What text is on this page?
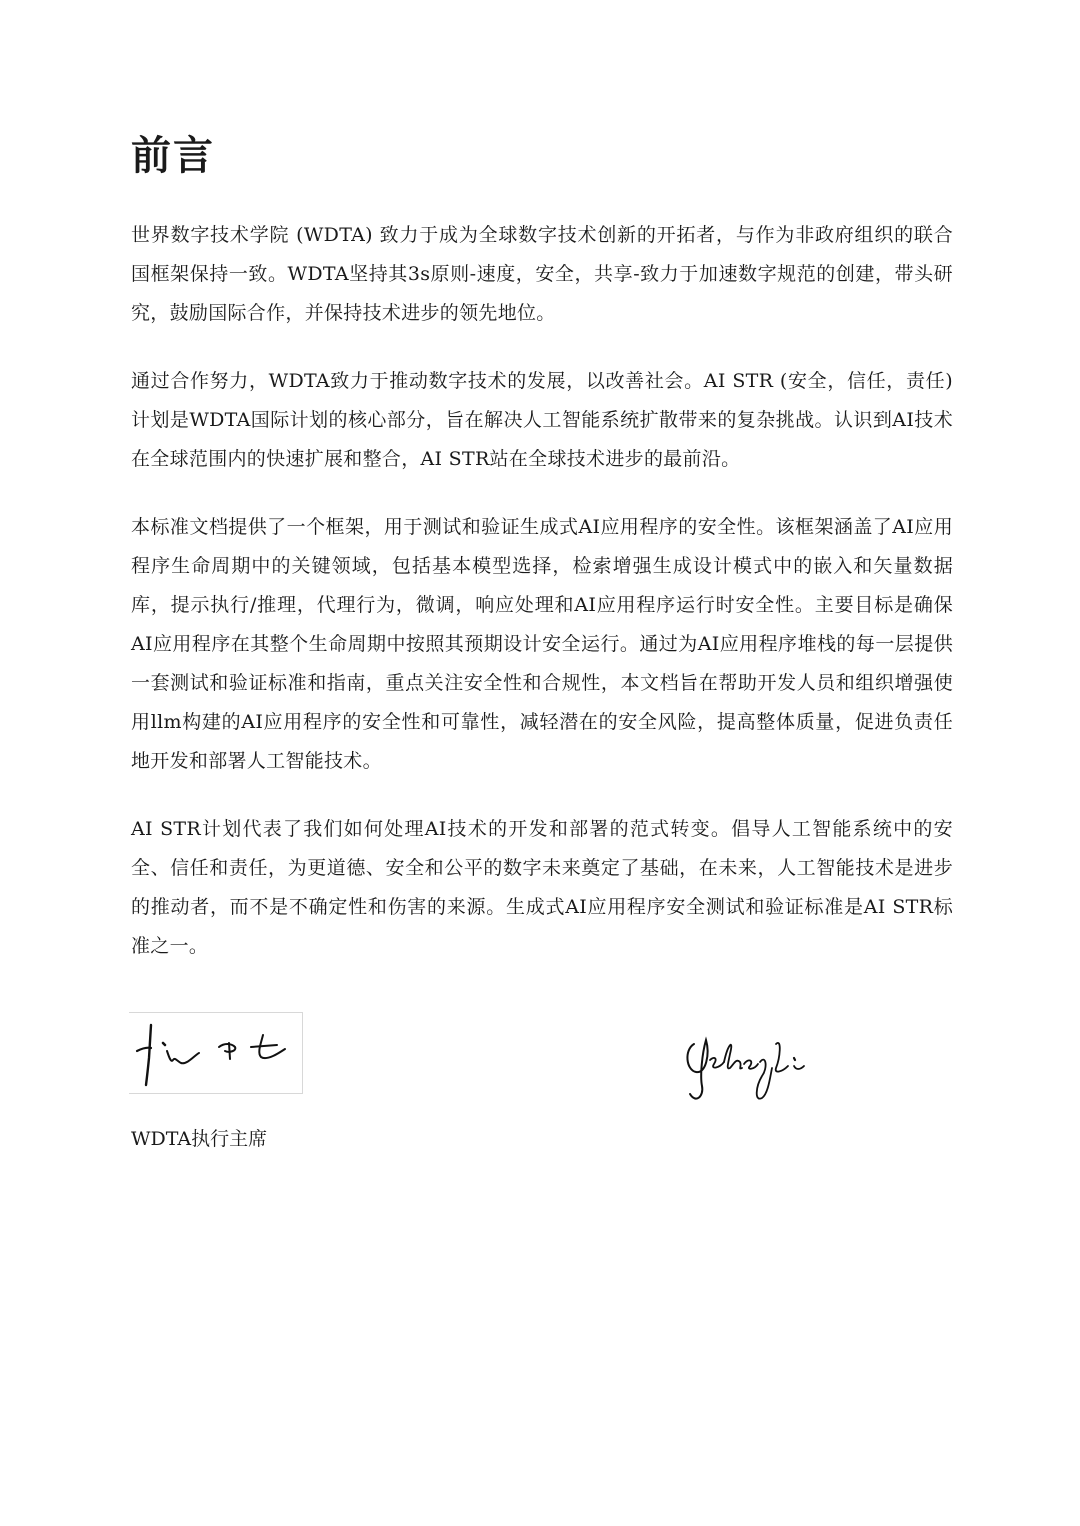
前言

世界数字技术学院 (WDTA) 致力于成为全球数字技术创新的开拓者，与作为非政府组织的联合国框架保持一致。WDTA坚持其3s原则-速度，安全，共享-致力于加速数字规范的创建，带头研究，鼓励国际合作，并保持技术进步的领先地位。

通过合作努力，WDTA致力于推动数字技术的发展，以改善社会。AI STR (安全，信任，责任) 计划是WDTA国际计划的核心部分，旨在解决人工智能系统扩散带来的复杂挑战。认识到AI技术在全球范围内的快速扩展和整合，AI STR站在全球技术进步的最前沿。

本标准文档提供了一个框架，用于测试和验证生成式AI应用程序的安全性。该框架涵盖了AI应用程序生命周期中的关键领域，包括基本模型选择，检索增强生成设计模式中的嵌入和矢量数据库，提示执行/推理，代理行为，微调，响应处理和AI应用程序运行时安全性。主要目标是确保AI应用程序在其整个生命周期中按照其预期设计安全运行。通过为AI应用程序堆栈的每一层提供一套测试和验证标准和指南，重点关注安全性和合规性，本文档旨在帮助开发人员和组织增强使用llm构建的AI应用程序的安全性和可靠性，减轻潜在的安全风险，提高整体质量，促进负责任地开发和部署人工智能技术。

AI STR计划代表了我们如何处理AI技术的开发和部署的范式转变。倡导人工智能系统中的安全、信任和责任，为更道德、安全和公平的数字未来奠定了基础，在未来，人工智能技术是进步的推动者，而不是不确定性和伤害的来源。生成式AI应用程序安全测试和验证标准是AI STR标准之一。

WDTA执行主席
